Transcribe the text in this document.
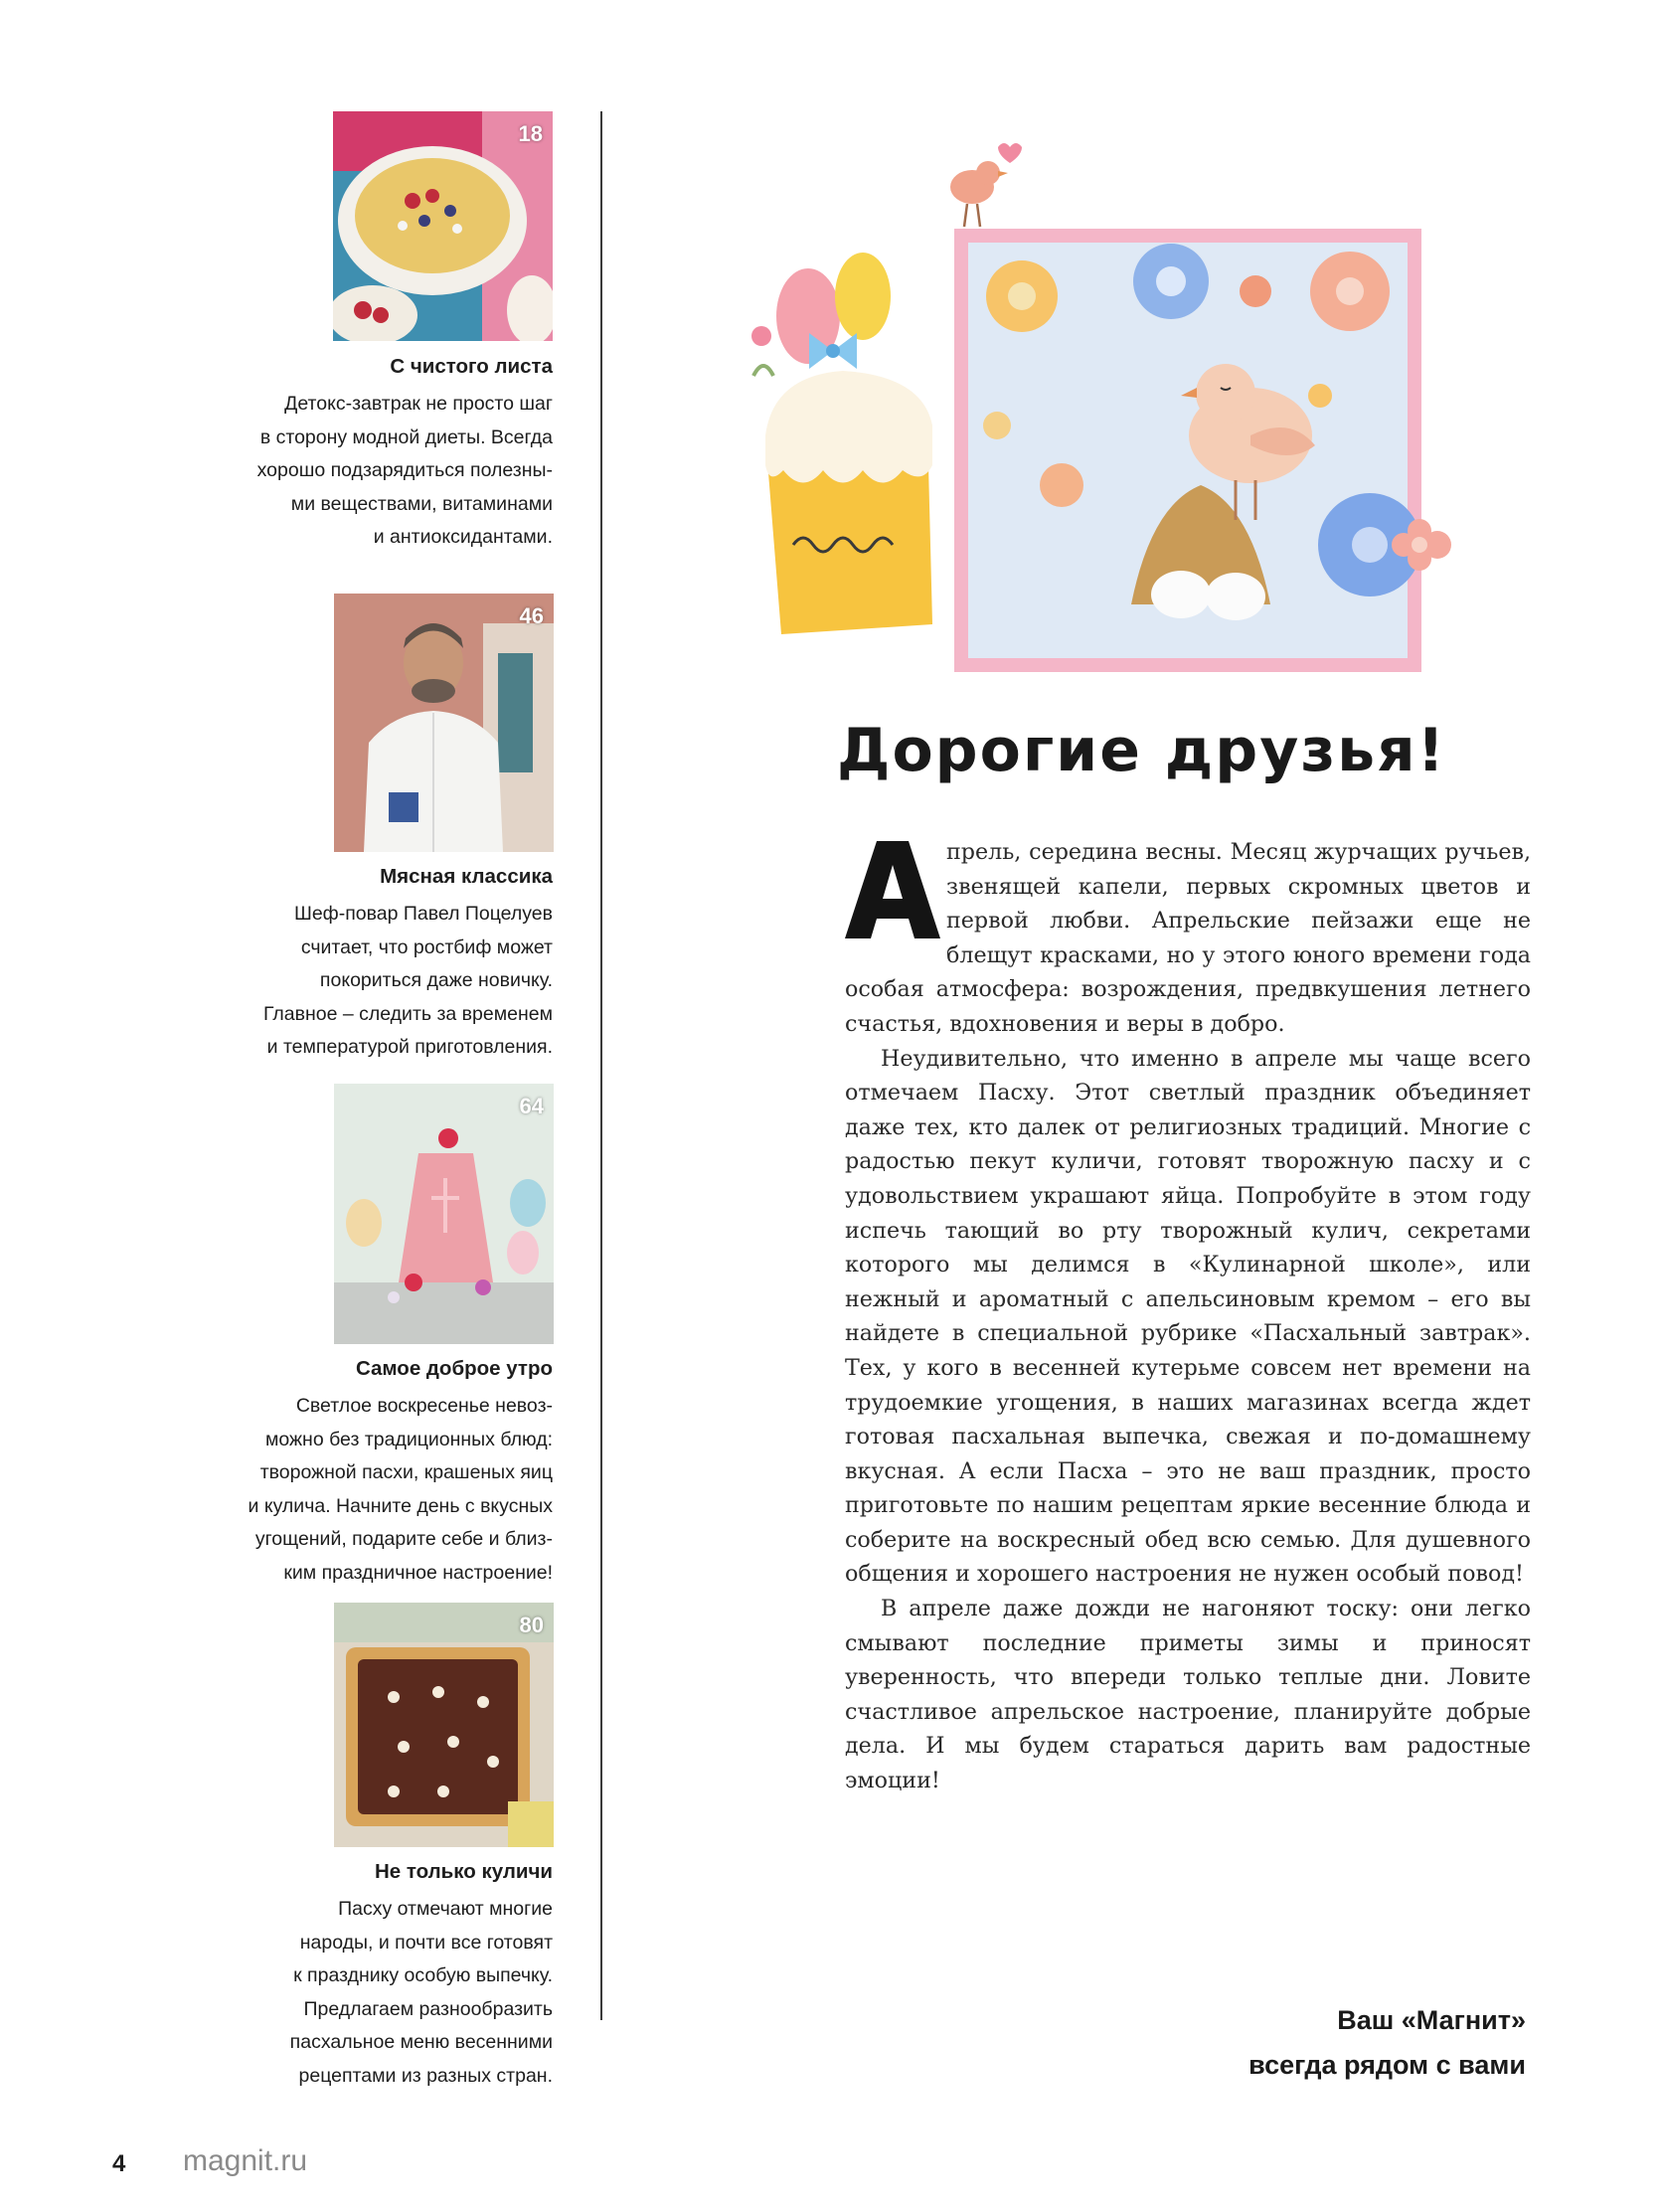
18
С чистого листа
Детокс-завтрак не просто шаг
в сторону модной диеты. Всегда
хорошо подзарядиться полезны-
ми веществами, витаминами
и антиоксидантами.
46
Мясная классика
Шеф-повар Павел Поцелуев
считает, что ростбиф может
покориться даже новичку.
Главное – следить за временем
и температурой приготовления.
64
Самое доброе утро
Светлое воскресенье невоз-
можно без традиционных блюд:
творожной пасхи, крашеных яиц
и кулича. Начните день с вкусных
угощений, подарите себе и близ-
ким праздничное настроение!
80
Не только куличи
Пасху отмечают многие
народы, и почти все готовят
к празднику особую выпечку.
Предлагаем разнообразить
пасхальное меню весенними
рецептами из разных стран.
Дорогие друзья!

А
прель, середина весны. Месяц журчащих ручьев, звенящей капели, первых скромных цветов и первой любви. Апрельские пейзажи еще не блещут красками, но у этого юного времени года особая атмосфера: возрождения, предвкушения летнего счастья, вдохновения и веры в добро.

Неудивительно, что именно в апреле мы чаще всего отмечаем Пасху. Этот светлый праздник объединяет даже тех, кто далек от религиозных традиций. Многие с радостью пекут куличи, готовят творожную пасху и с удовольствием украшают яйца. Попробуйте в этом году испечь тающий во рту творожный кулич, секретами которого мы делимся в «Кулинарной школе», или нежный и ароматный с апельсиновым кремом – его вы найдете в специальной рубрике «Пасхальный завтрак». Тех, у кого в весенней кутерьме совсем нет времени на трудоемкие угощения, в наших магазинах всегда ждет готовая пасхальная выпечка, свежая и по-домашнему вкусная. А если Пасха – это не ваш праздник, просто приготовьте по нашим рецептам яркие весенние блюда и соберите на воскресный обед всю семью. Для душевного общения и хорошего настроения не нужен особый повод!

В апреле даже дожди не нагоняют тоску: они легко смывают последние приметы зимы и приносят уверенность, что впереди только теплые дни. Ловите счастливое апрельское настроение, планируйте добрые дела. И мы будем стараться дарить вам радостные эмоции!

Ваш «Магнит»
всегда рядом с вами
4 magnit.ru
